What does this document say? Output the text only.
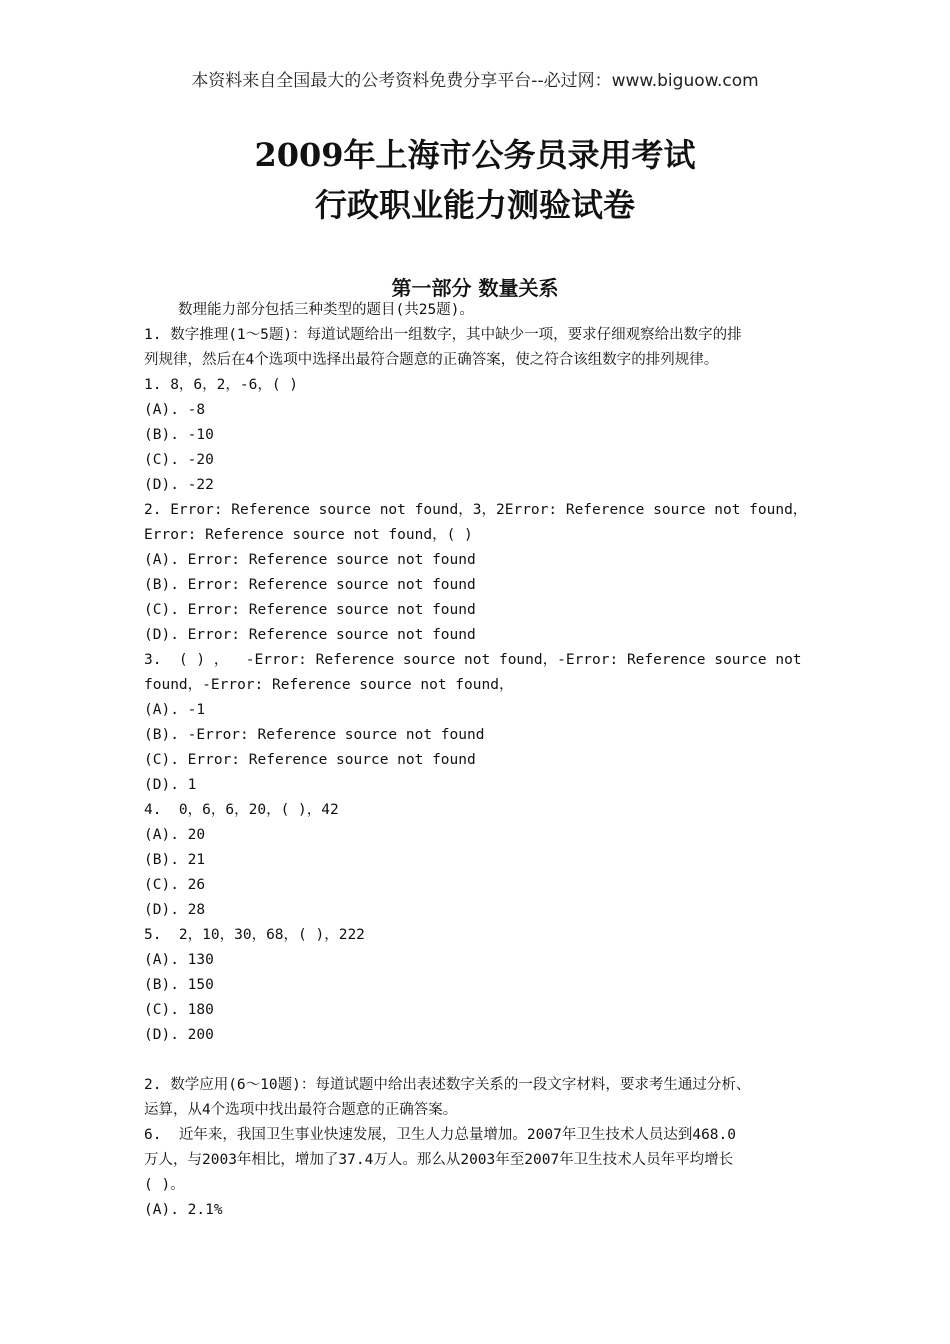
本资料来自全国最大的公考资料免费分享平台--必过网：www.biguow.com
2009年上海市公务员录用考试
行政职业能力测验试卷
第一部分 数量关系
数理能力部分包括三种类型的题目(共25题)。
1. 数字推理(1～5题)：每道试题给出一组数字，其中缺少一项，要求仔细观察给出数字的排
列规律，然后在4个选项中选择出最符合题意的正确答案，使之符合该组数字的排列规律。
1. 8，6，2，-6，( )
(A). -8
(B). -10
(C). -20
(D). -22
2. Error: Reference source not found，3，2Error: Reference source not found，
Error: Reference source not found，( )
(A). Error: Reference source not found
(B). Error: Reference source not found
(C). Error: Reference source not found
(D). Error: Reference source not found
3.  ( ) ，  -Error: Reference source not found，-Error: Reference source not
found，-Error: Reference source not found，
(A). -1
(B). -Error: Reference source not found
(C). Error: Reference source not found
(D). 1
4.  0，6，6，20，( )，42
(A). 20
(B). 21
(C). 26
(D). 28
5.  2，10，30，68，( )，222
(A). 130
(B). 150
(C). 180
(D). 200
2. 数学应用(6～10题)：每道试题中给出表述数字关系的一段文字材料，要求考生通过分析、
运算，从4个选项中找出最符合题意的正确答案。
6.  近年来，我国卫生事业快速发展，卫生人力总量增加。2007年卫生技术人员达到468.0
万人，与2003年相比，增加了37.4万人。那么从2003年至2007年卫生技术人员年平均增长
( )。
(A). 2.1%
